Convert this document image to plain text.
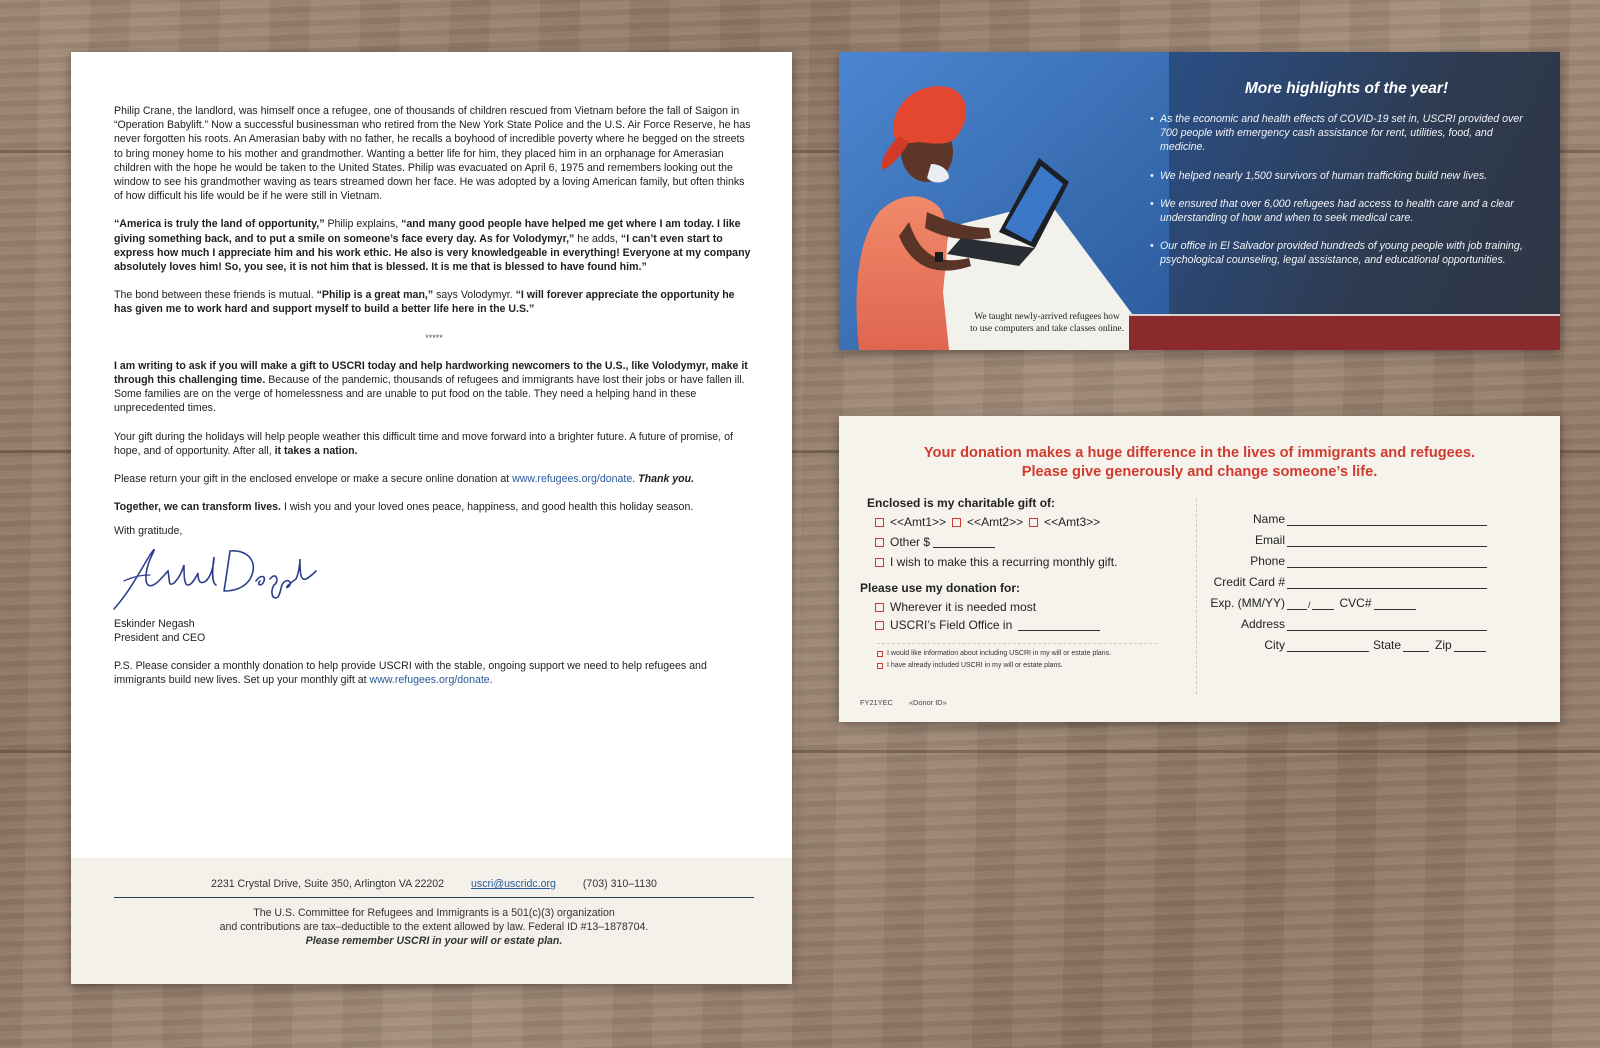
Philip Crane, the landlord, was himself once a refugee, one of thousands of children rescued from Vietnam before the fall of Saigon in “Operation Babylift.” Now a successful businessman who retired from the New York State Police and the U.S. Air Force Reserve, he has never forgotten his roots. An Amerasian baby with no father, he recalls a boyhood of incredible poverty where he begged on the streets to bring money home to his mother and grandmother. Wanting a better life for him, they placed him in an orphanage for Amerasian children with the hope he would be taken to the United States. Philip was evacuated on April 6, 1975 and remembers looking out the window to see his grandmother waving as tears streamed down her face. He was adopted by a loving American family, but often thinks of how difficult his life would be if he were still in Vietnam.

“America is truly the land of opportunity,” Philip explains, “and many good people have helped me get where I am today. I like giving something back, and to put a smile on someone’s face every day. As for Volodymyr,” he adds, “I can’t even start to express how much I appreciate him and his work ethic. He also is very knowledgeable in everything! Everyone at my company absolutely loves him! So, you see, it is not him that is blessed. It is me that is blessed to have found him.”

The bond between these friends is mutual. “Philip is a great man,” says Volodymyr. “I will forever appreciate the opportunity he has given me to work hard and support myself to build a better life here in the U.S.”

*****

I am writing to ask if you will make a gift to USCRI today and help hardworking newcomers to the U.S., like Volodymyr, make it through this challenging time. Because of the pandemic, thousands of refugees and immigrants have lost their jobs or have fallen ill. Some families are on the verge of homelessness and are unable to put food on the table. They need a helping hand in these unprecedented times.

Your gift during the holidays will help people weather this difficult time and move forward into a brighter future. A future of promise, of hope, and of opportunity. After all, it takes a nation.

Please return your gift in the enclosed envelope or make a secure online donation at www.refugees.org/donate. Thank you.

Together, we can transform lives. I wish you and your loved ones peace, happiness, and good health this holiday season.

With gratitude,
Eskinder Negash
President and CEO

P.S. Please consider a monthly donation to help provide USCRI with the stable, ongoing support we need to help refugees and immigrants build new lives. Set up your monthly gift at www.refugees.org/donate.

2231 Crystal Drive, Suite 350, Arlington VA 22202	uscri@uscridc.org	(703) 310–1130
The U.S. Committee for Refugees and Immigrants is a 501(c)(3) organization
and contributions are tax–deductible to the extent allowed by law. Federal ID #13–1878704.
Please remember USCRI in your will or estate plan.
We taught newly-arrived refugees how
to use computers and take classes online.
More highlights of the year!
• As the economic and health effects of COVID-19 set in, USCRI provided over 700 people with emergency cash assistance for rent, utilities, food, and medicine.
• We helped nearly 1,500 survivors of human trafficking build new lives.
• We ensured that over 6,000 refugees had access to health care and a clear understanding of how and when to seek medical care.
• Our office in El Salvador provided hundreds of young people with job training, psychological counseling, legal assistance, and educational opportunities.
Your donation makes a huge difference in the lives of immigrants and refugees.
Please give generously and change someone’s life.
Enclosed is my charitable gift of:
<<Amt1>> <<Amt2>> <<Amt3>>
Other $
I wish to make this a recurring monthly gift.
Please use my donation for:
Wherever it is needed most
USCRI’s Field Office in
I would like information about including USCRI in my will or estate plans.
I have already included USCRI in my will or estate plans.
FY21YEC «Donor ID»
Name
Email
Phone
Credit Card #
Exp. (MM/YY)	/ CVC#
Address
City	State	Zip
